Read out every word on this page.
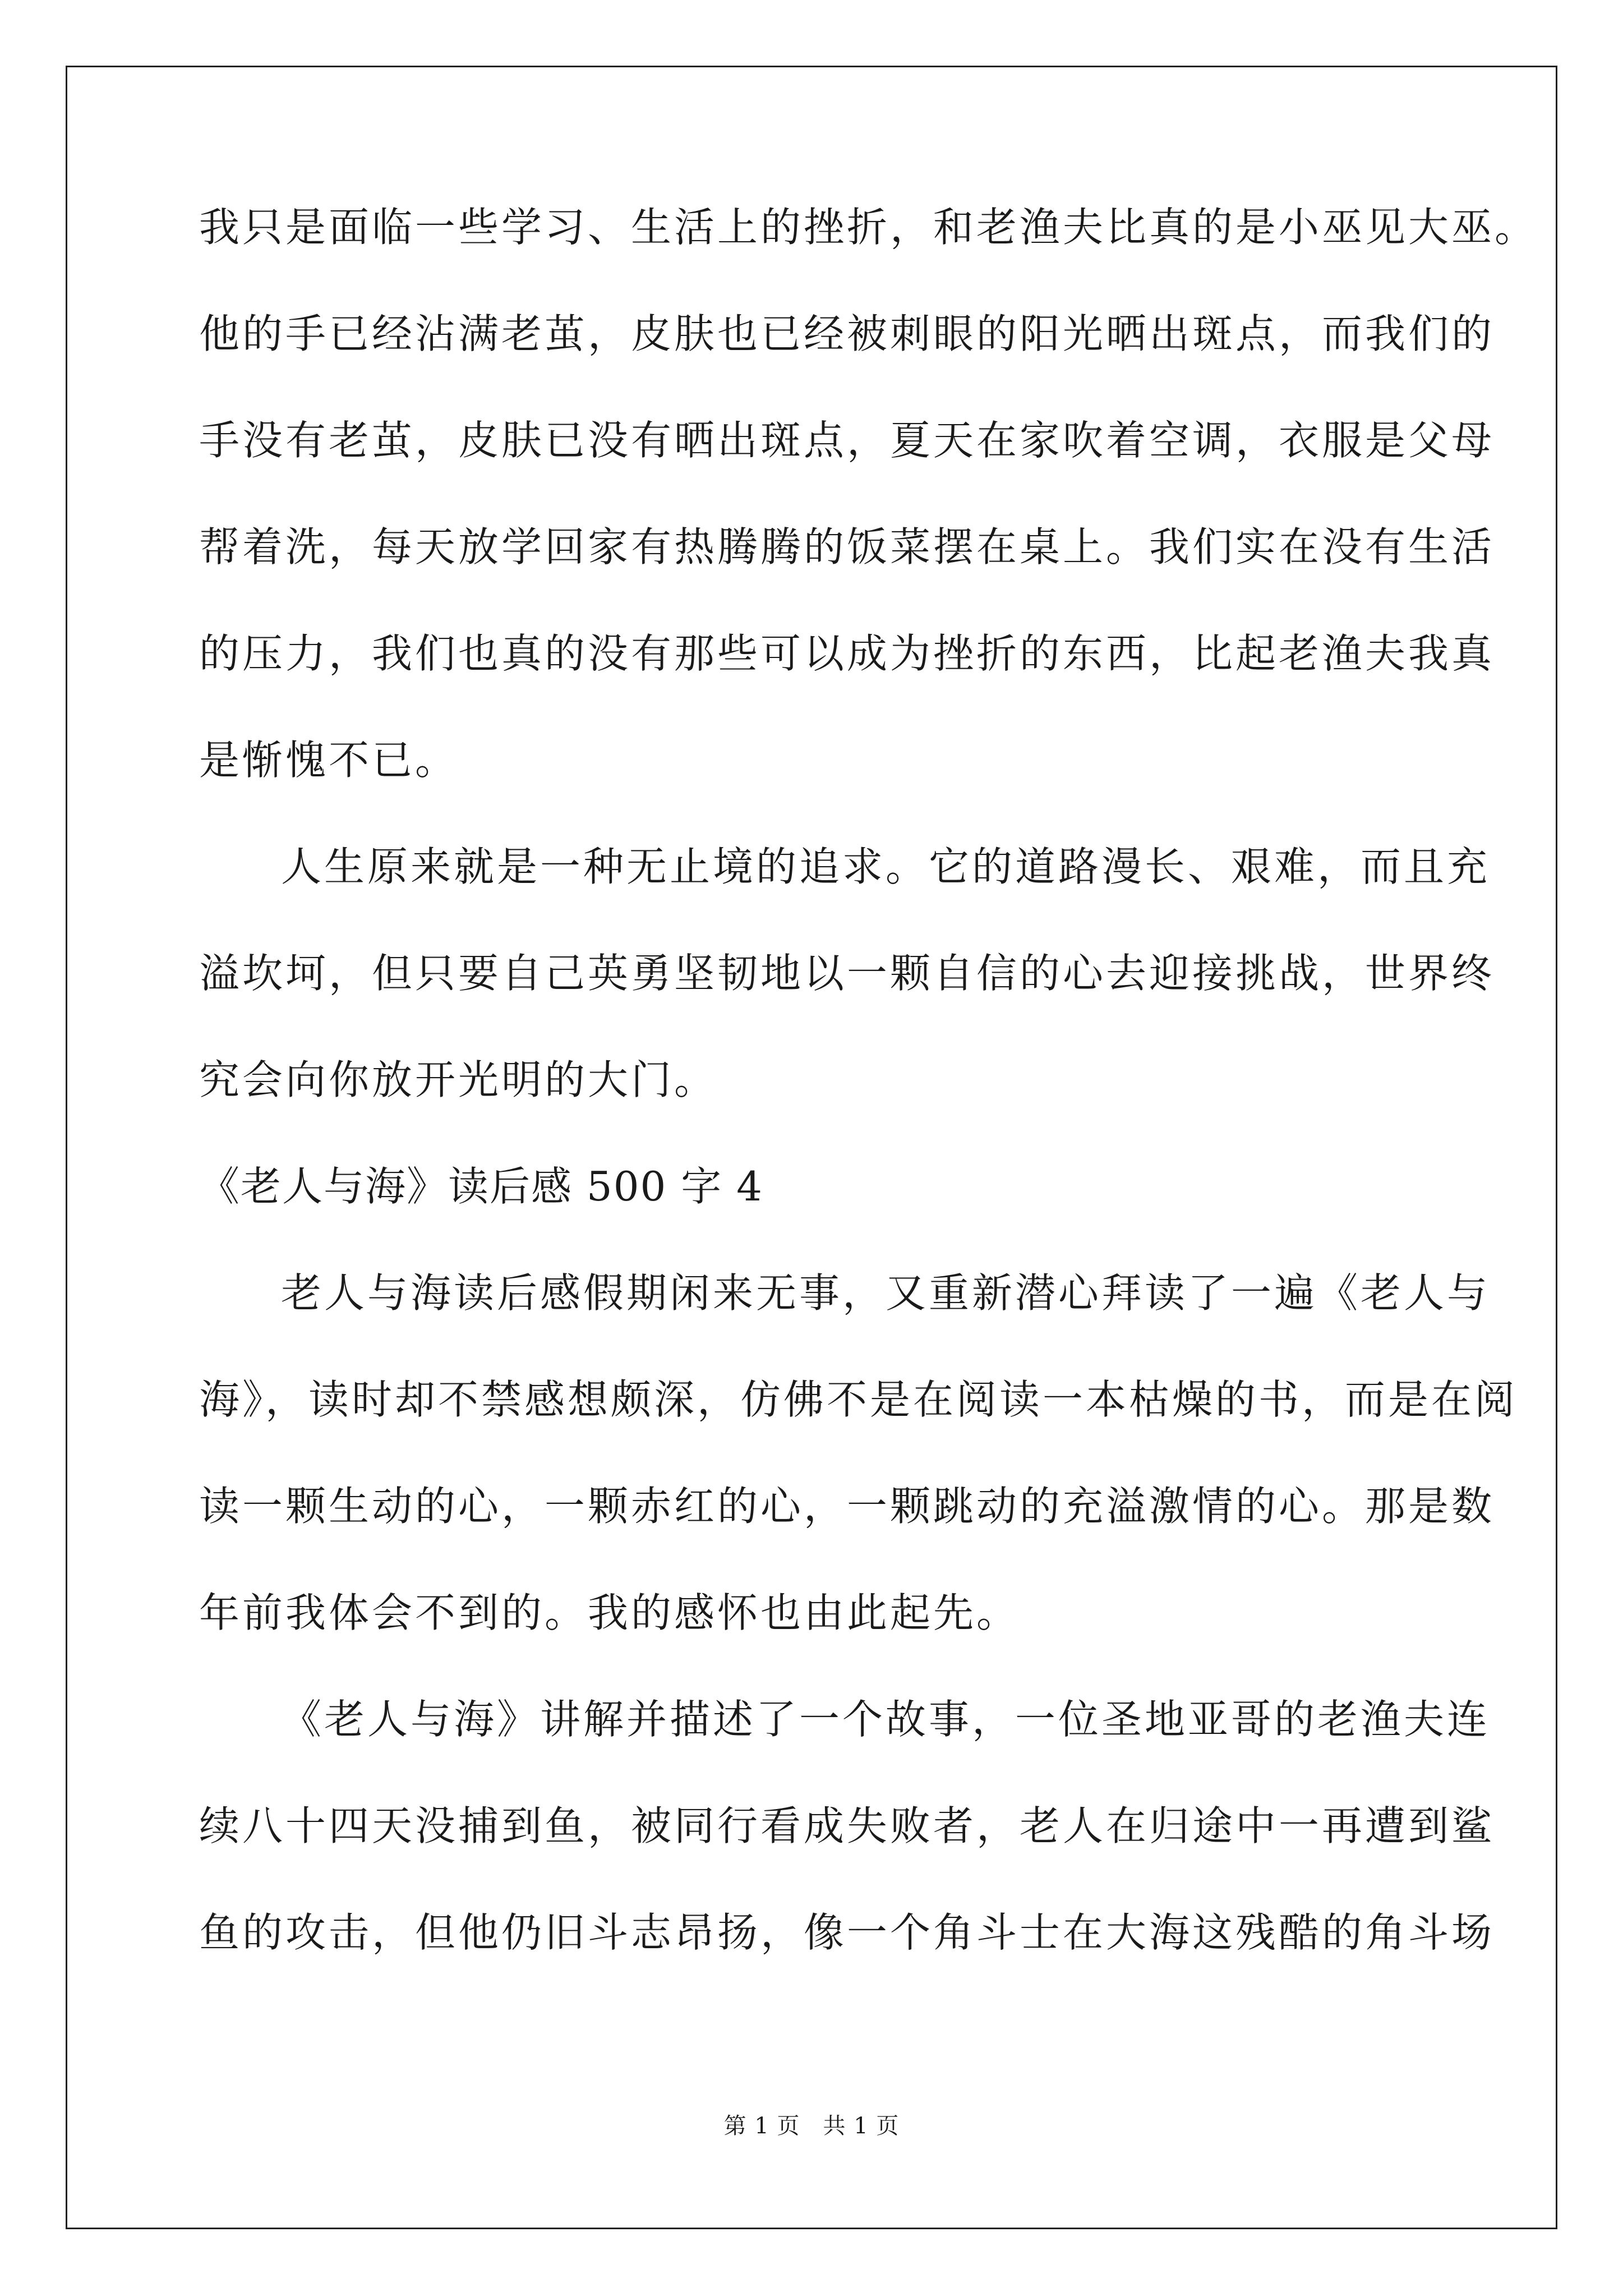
我只是面临一些学习、生活上的挫折，和老渔夫比真的是小巫见大巫。
他的手已经沾满老茧，皮肤也已经被刺眼的阳光晒出斑点，而我们的
手没有老茧，皮肤已没有晒出斑点，夏天在家吹着空调，衣服是父母
帮着洗，每天放学回家有热腾腾的饭菜摆在桌上。我们实在没有生活
的压力，我们也真的没有那些可以成为挫折的东西，比起老渔夫我真
是惭愧不已。
人生原来就是一种无止境的追求。它的道路漫长、艰难，而且充
溢坎坷，但只要自己英勇坚韧地以一颗自信的心去迎接挑战，世界终
究会向你放开光明的大门。
《老人与海》读后感 500 字 4
老人与海读后感假期闲来无事，又重新潜心拜读了一遍《老人与
海》，读时却不禁感想颇深，仿佛不是在阅读一本枯燥的书，而是在阅
读一颗生动的心，一颗赤红的心，一颗跳动的充溢激情的心。那是数
年前我体会不到的。我的感怀也由此起先。
《老人与海》讲解并描述了一个故事，一位圣地亚哥的老渔夫连
续八十四天没捕到鱼，被同行看成失败者，老人在归途中一再遭到鲨
鱼的攻击，但他仍旧斗志昂扬，像一个角斗士在大海这残酷的角斗场
第 1 页　共 1 页
